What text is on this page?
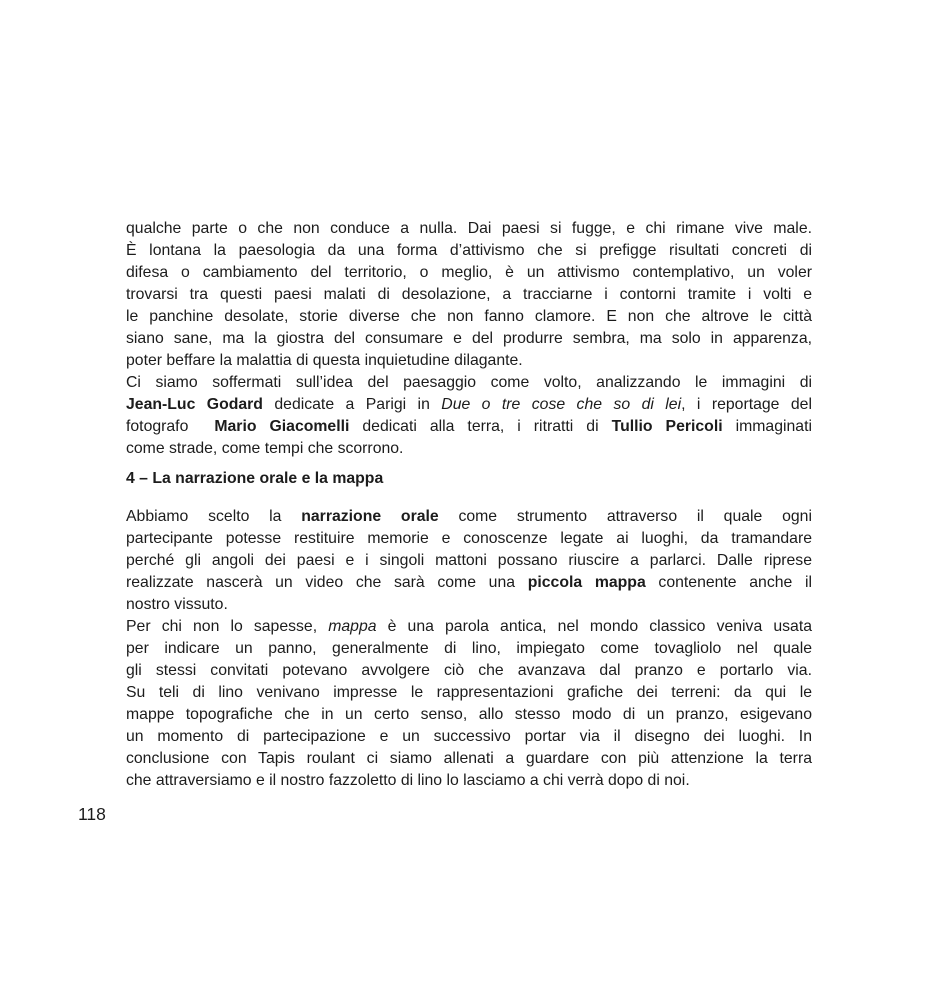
qualche parte o che non conduce a nulla. Dai paesi si fugge, e chi rimane vive male.
È lontana la paesologia da una forma d’attivismo che si prefigge risultati concreti di
difesa o cambiamento del territorio, o meglio, è un attivismo contemplativo, un voler
trovarsi tra questi paesi malati di desolazione, a tracciarne i contorni tramite i volti e
le panchine desolate, storie diverse che non fanno clamore. E non che altrove le città
siano sane, ma la giostra del consumare e del produrre sembra, ma solo in apparenza,
poter beffare la malattia di questa inquietudine dilagante.
Ci siamo soffermati sull’idea del paesaggio come volto, analizzando le immagini di
Jean-Luc Godard dedicate a Parigi in Due o tre cose che so di lei, i reportage del
fotografo  Mario Giacomelli dedicati alla terra, i ritratti di Tullio Pericoli immaginati
come strade, come tempi che scorrono.
4 – La narrazione orale e la mappa
Abbiamo scelto la narrazione orale come strumento attraverso il quale ogni
partecipante potesse restituire memorie e conoscenze legate ai luoghi, da tramandare
perché gli angoli dei paesi e i singoli mattoni possano riuscire a parlarci. Dalle riprese
realizzate nascerà un video che sarà come una piccola mappa contenente anche il
nostro vissuto.
Per chi non lo sapesse, mappa è una parola antica, nel mondo classico veniva usata
per indicare un panno, generalmente di lino, impiegato come tovagliolo nel quale
gli stessi convitati potevano avvolgere ciò che avanzava dal pranzo e portarlo via.
Su teli di lino venivano impresse le rappresentazioni grafiche dei terreni: da qui le
mappe topografiche che in un certo senso, allo stesso modo di un pranzo, esigevano
un momento di partecipazione e un successivo portar via il disegno dei luoghi. In
conclusione con Tapis roulant ci siamo allenati a guardare con più attenzione la terra
che attraversiamo e il nostro fazzoletto di lino lo lasciamo a chi verrà dopo di noi.
118
